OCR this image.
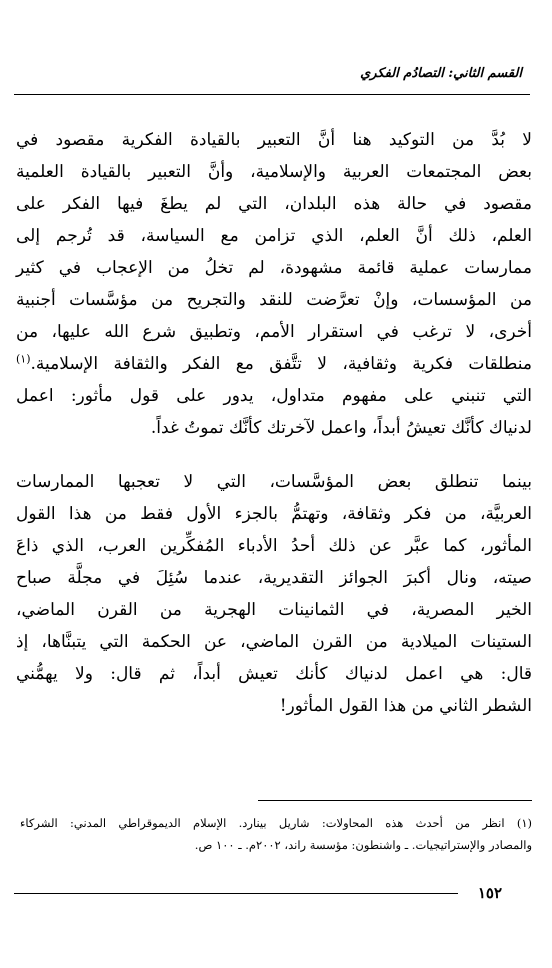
القسم الثاني: التصادُم الفكري
لا بُدَّ من التوكيد هنا أنَّ التعبير بالقيادة الفكرية مقصود في
بعض المجتمعات العربية والإسلامية، وأنَّ التعبير بالقيادة العلمية
مقصود في حالة هذه البلدان، التي لم يطغَ فيها الفكر على
العلم، ذلك أنَّ العلم، الذي تزامن مع السياسة، قد تُرجم إلى
ممارسات عملية قائمة مشهودة، لم تخلُ من الإعجاب في كثير
من المؤسسات، وإنْ تعرَّضت للنقد والتجريح من مؤسَّسات أجنبية
أخرى، لا ترغب في استقرار الأمم، وتطبيق شرع الله عليها، من
منطلقات فكرية وثقافية، لا تتَّفق مع الفكر والثقافة الإسلامية.$^{(١)}$
التي تنبني على مفهوم متداول، يدور على قول مأثور: اعمل
لدنياك كأنَّك تعيشُ أبداً، واعمل لآخرتك كأنَّك تموتُ غداً.
بينما تنطلق بعض المؤسَّسات، التي لا تعجبها الممارسات
العربيَّة، من فكر وثقافة، وتهتمُّ بالجزء الأول فقط من هذا القول
المأثور، كما عبَّر عن ذلك أحدُ الأدباء المُفكِّرين العرب، الذي ذاعَ
صيته، ونال أكبرَ الجوائز التقديرية، عندما سُئِلَ في مجلَّة صباح
الخير المصرية، في الثمانينات الهجرية من القرن الماضي،
الستينات الميلادية من القرن الماضي، عن الحكمة التي يتبنَّاها، إذ
قال: هي اعمل لدنياك كأنك تعيش أبداً، ثم قال: ولا يهمُّني
الشطر الثاني من هذا القول المأثور!
(١) انظر من أحدث هذه المحاولات: شاريل بينارد. الإسلام الديموقراطي المدني: الشركاء
والمصادر والإستراتيجيات. ـ واشنطون: مؤسسة راند، ٢٠٠٢م. ـ ١٠٠ ص.
١٥٢
